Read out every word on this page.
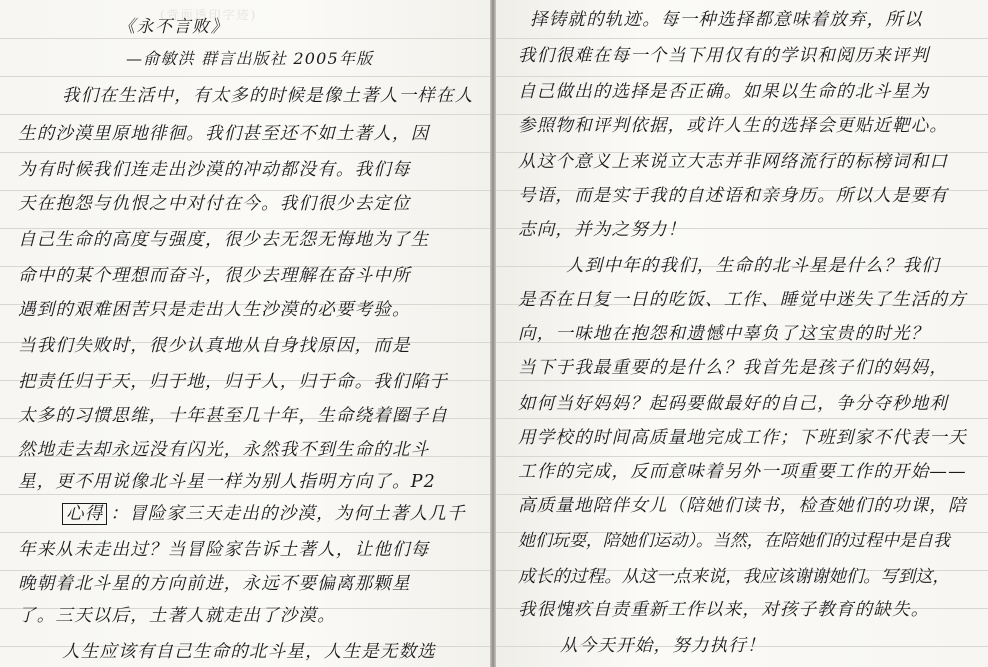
(背面透印字迹)
《永不言败》
—俞敏洪 群言出版社 2005年版
我们在生活中，有太多的时候是像土著人一样在人
生的沙漠里原地徘徊。我们甚至还不如土著人，因
为有时候我们连走出沙漠的冲动都没有。我们每
天在抱怨与仇恨之中对付在今。我们很少去定位
自己生命的高度与强度，很少去无怨无悔地为了生
命中的某个理想而奋斗，很少去理解在奋斗中所
遇到的艰难困苦只是走出人生沙漠的必要考验。
当我们失败时，很少认真地从自身找原因，而是
把责任归于天，归于地，归于人，归于命。我们陷于
太多的习惯思维，十年甚至几十年，生命绕着圈子自
然地走去却永远没有闪光，永然我不到生命的北斗
星，更不用说像北斗星一样为别人指明方向了。P2
心得 ：冒险家三天走出的沙漠，为何土著人几千
年来从未走出过？当冒险家告诉土著人，让他们每
晚朝着北斗星的方向前进，永远不要偏离那颗星
了。三天以后，土著人就走出了沙漠。
人生应该有自己生命的北斗星，人生是无数选
择铸就的轨迹。每一种选择都意味着放弃，所以
我们很难在每一个当下用仅有的学识和阅历来评判
自己做出的选择是否正确。如果以生命的北斗星为
参照物和评判依据，或许人生的选择会更贴近靶心。
从这个意义上来说立大志并非网络流行的标榜词和口
号语，而是实于我的自述语和亲身历。所以人是要有
志向，并为之努力！
人到中年的我们，生命的北斗星是什么？我们
是否在日复一日的吃饭、工作、睡觉中迷失了生活的方
向，一味地在抱怨和遗憾中辜负了这宝贵的时光？
当下于我最重要的是什么？我首先是孩子们的妈妈，
如何当好妈妈？起码要做最好的自己，争分夺秒地利
用学校的时间高质量地完成工作；下班到家不代表一天
工作的完成，反而意味着另外一项重要工作的开始——
高质量地陪伴女儿（陪她们读书，检查她们的功课，陪
她们玩耍，陪她们运动）。当然，在陪她们的过程中是自我
成长的过程。从这一点来说，我应该谢谢她们。写到这，
我很愧疚自责重新工作以来，对孩子教育的缺失。
从今天开始，努力执行！
